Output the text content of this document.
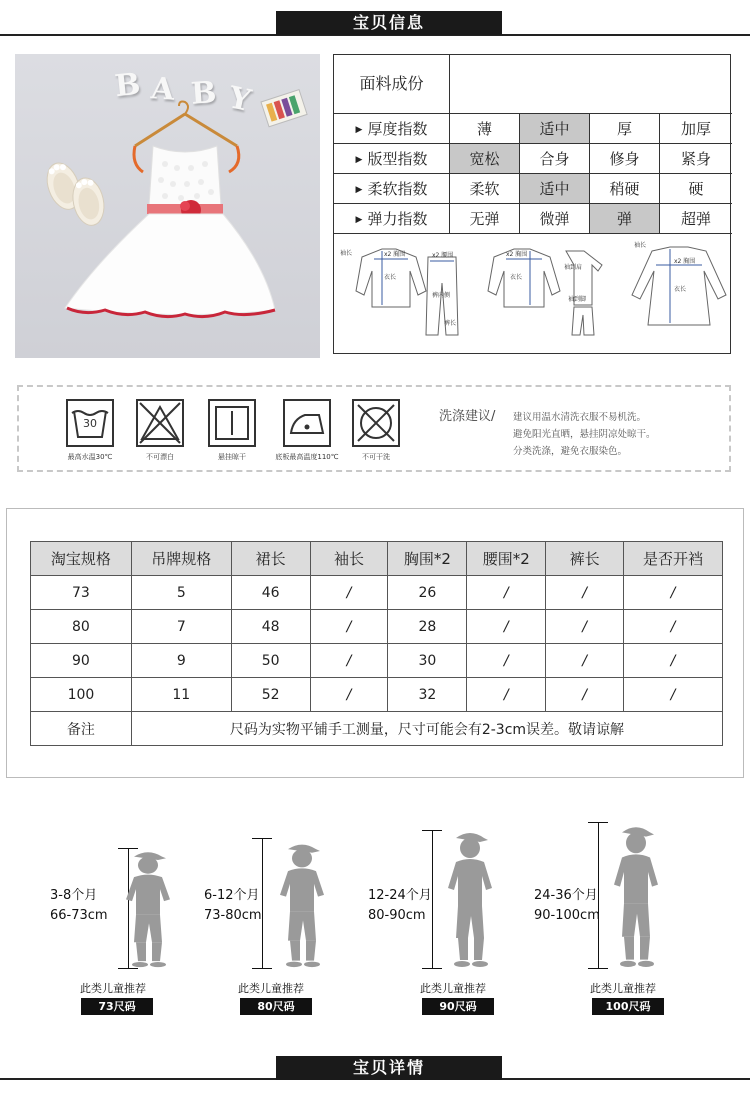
宝贝信息
B A B Y	面料成份
▶ 厚度指数	薄	适中	厚	加厚
▶ 版型指数	宽松	合身	修身	紧身
▶ 柔软指数	柔软	适中	稍硬	硬
▶ 弹力指数	无弹	微弹	弹	超弹
袖长	x2 胸围
衣长
x2 腰围
裤内侧
裤长
x2 胸围
衣长
袖到肩
袖到脚
袖长
x2 胸围
衣长
30
最高水温30℃	不可漂白	悬挂晾干	底板最高温度110℃	不可干洗
洗涤建议/ 建议用温水清洗衣服不易机洗。
避免阳光直晒，悬挂阴凉处晾干。
分类洗涤，避免衣服染色。
淘宝规格	吊牌规格	裙长	袖长	胸围*2	腰围*2	裤长	是否开裆
73	5	46	/	26	/	/	/
80	7	48	/	28	/	/	/
90	9	50	/	30	/	/	/
100	11	52	/	32	/	/	/
备注	尺码为实物平铺手工测量，尺寸可能会有2-3cm误差。敬请谅解						
3-8个月
66-73cm
此类儿童推荐
73尺码
6-12个月
73-80cm
此类儿童推荐
80尺码
12-24个月
80-90cm
此类儿童推荐
90尺码
24-36个月
90-100cm
此类儿童推荐
100尺码
宝贝详情
